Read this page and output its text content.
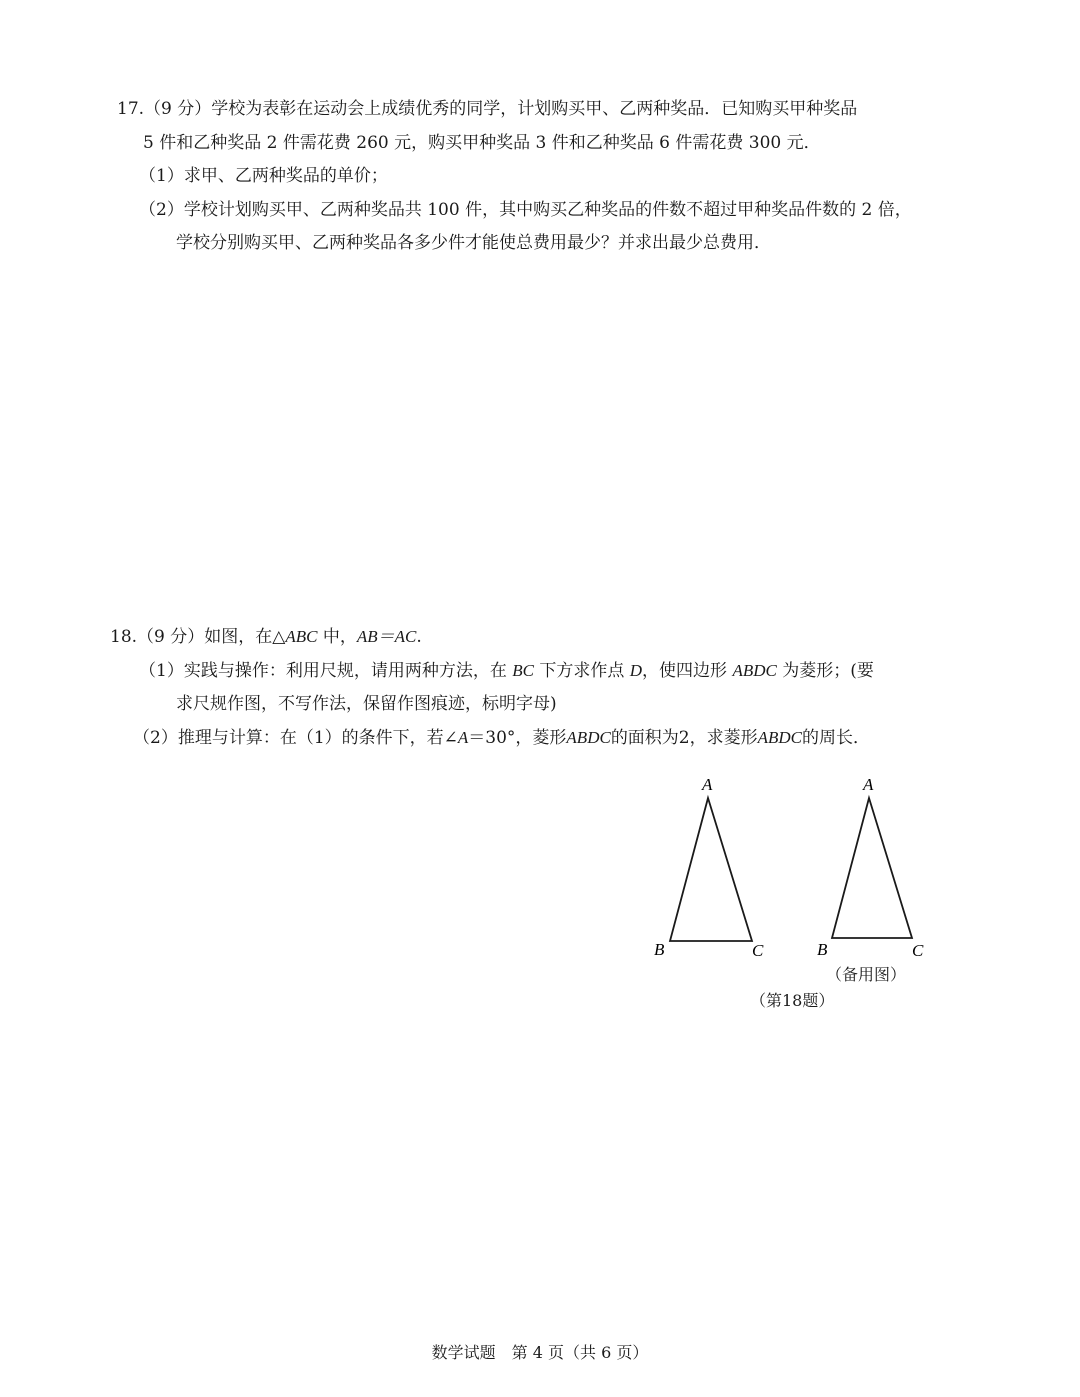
17.（9 分）学校为表彰在运动会上成绩优秀的同学，计划购买甲、乙两种奖品．已知购买甲种奖品
5 件和乙种奖品 2 件需花费 260 元，购买甲种奖品 3 件和乙种奖品 6 件需花费 300 元．
（1）求甲、乙两种奖品的单价；
（2）学校计划购买甲、乙两种奖品共 100 件，其中购买乙种奖品的件数不超过甲种奖品件数的 2 倍，
学校分别购买甲、乙两种奖品各多少件才能使总费用最少？并求出最少总费用．
18.（9 分）如图，在△ABC 中，AB＝AC.
（1）实践与操作：利用尺规，请用两种方法，在 BC 下方求作点 D，使四边形 ABDC 为菱形；(要
求尺规作图，不写作法，保留作图痕迹，标明字母)
（2）推理与计算：在（1）的条件下，若∠A＝30°，菱形ABDC的面积为2，求菱形ABDC的周长．
A
B	C
A
B	C
（备用图）
（第18题）
数学试题　第 4 页（共 6 页）
